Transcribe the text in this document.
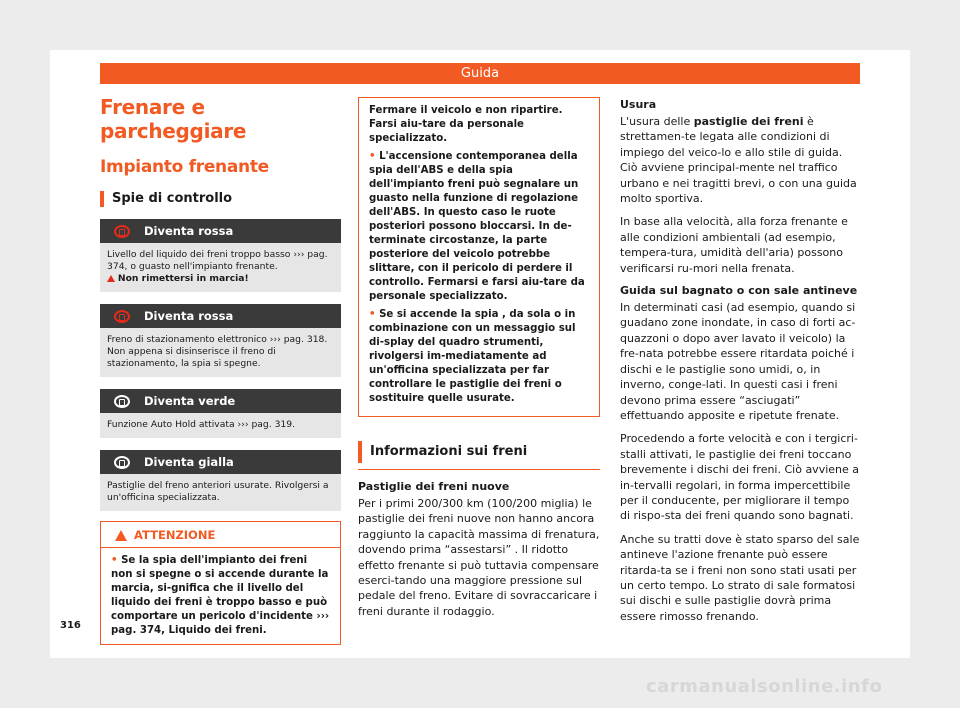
Guida
Frenare e parcheggiare
Impianto frenante
Spie di controllo
Diventa rossa
Livello del liquido dei freni troppo basso ››› pag. 374, o guasto nell'impianto frenante.
Non rimettersi in marcia!
Diventa rossa
Freno di stazionamento elettronico ››› pag. 318. Non appena si disinserisce il freno di stazionamento, la spia si spegne.
Diventa verde
Funzione Auto Hold attivata ››› pag. 319.
Diventa gialla
Pastiglie del freno anteriori usurate. Rivolgersi a un'officina specializzata.
ATTENZIONE
• Se la spia dell'impianto dei freni non si spegne o si accende durante la marcia, si-gnifica che il livello del liquido dei freni è troppo basso e può comportare un pericolo d'incidente ››› pag. 374, Liquido dei freni.

Fermare il veicolo e non ripartire. Farsi aiu-tare da personale specializzato.

• L'accensione contemporanea della spia dell'ABS e della spia dell'impianto freni può segnalare un guasto nella funzione di regolazione dell'ABS. In questo caso le ruote posteriori possono bloccarsi. In de-terminate circostanze, la parte posteriore del veicolo potrebbe slittare, con il pericolo di perdere il controllo. Fermarsi e farsi aiu-tare da personale specializzato.

• Se si accende la spia , da sola o in combinazione con un messaggio sul di-splay del quadro strumenti, rivolgersi im-mediatamente ad un'officina specializzata per far controllare le pastiglie dei freni o sostituire quelle usurate.

Informazioni sui freni
Pastiglie dei freni nuove
Per i primi 200/300 km (100/200 miglia) le pastiglie dei freni nuove non hanno ancora raggiunto la capacità massima di frenatura, dovendo prima “assestarsi” . Il ridotto effetto frenante si può tuttavia compensare eserci-tando una maggiore pressione sul pedale del freno. Evitare di sovraccaricare i freni durante il rodaggio.
Usura
L'usura delle pastiglie dei freni è strettamen-te legata alle condizioni di impiego del veico-lo e allo stile di guida. Ciò avviene principal-mente nel traffico urbano e nei tragitti brevi, o con una guida molto sportiva.
In base alla velocità, alla forza frenante e alle condizioni ambientali (ad esempio, tempera-tura, umidità dell'aria) possono verificarsi ru-mori nella frenata.
Guida sul bagnato o con sale antineve
In determinati casi (ad esempio, quando si guadano zone inondate, in caso di forti ac-quazzoni o dopo aver lavato il veicolo) la fre-nata potrebbe essere ritardata poiché i dischi e le pastiglie sono umidi, o, in inverno, conge-lati. In questi casi i freni devono prima essere “asciugati” effettuando apposite e ripetute frenate.
Procedendo a forte velocità e con i tergicri-stalli attivati, le pastiglie dei freni toccano brevemente i dischi dei freni. Ciò avviene a in-tervalli regolari, in forma impercettibile per il conducente, per migliorare il tempo di rispo-sta dei freni quando sono bagnati.
Anche su tratti dove è stato sparso del sale antineve l'azione frenante può essere ritarda-ta se i freni non sono stati usati per un certo tempo. Lo strato di sale formatosi sui dischi e sulle pastiglie dovrà prima essere rimosso frenando.
316
carmanualsonline.info
